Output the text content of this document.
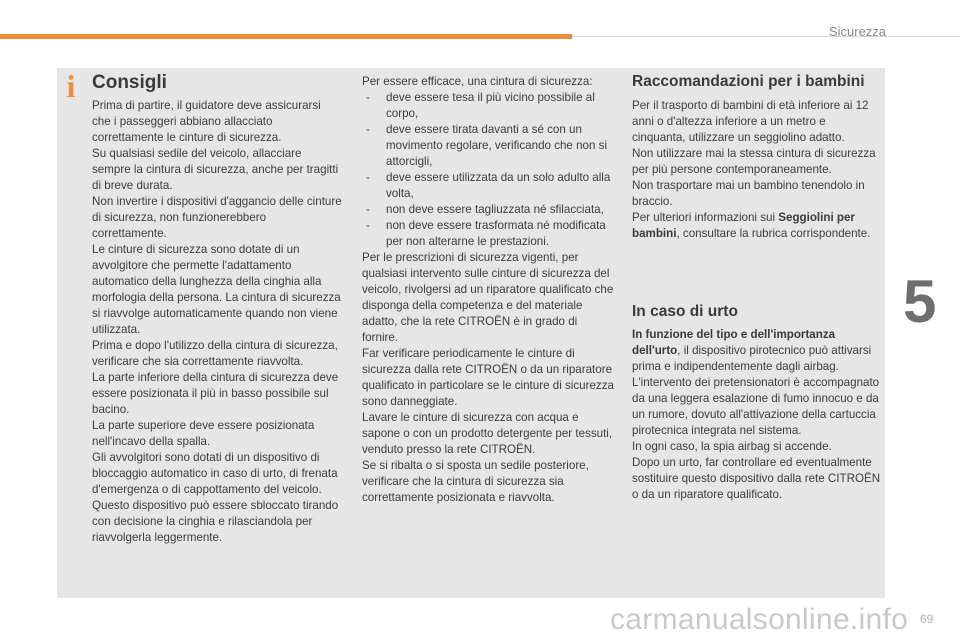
Sicurezza
i Consigli

Prima di partire, il guidatore deve assicurarsi che i passeggeri abbiano allacciato correttamente le cinture di sicurezza.

Su qualsiasi sedile del veicolo, allacciare sempre la cintura di sicurezza, anche per tragitti di breve durata.

Non invertire i dispositivi d'aggancio delle cinture di sicurezza, non funzionerebbero correttamente.

Le cinture di sicurezza sono dotate di un avvolgitore che permette l'adattamento automatico della lunghezza della cinghia alla morfologia della persona. La cintura di sicurezza si riavvolge automaticamente quando non viene utilizzata.

Prima e dopo l'utilizzo della cintura di sicurezza, verificare che sia correttamente riavvolta.

La parte inferiore della cintura di sicurezza deve essere posizionata il più in basso possibile sul bacino.

La parte superiore deve essere posizionata nell'incavo della spalla.

Gli avvolgitori sono dotati di un dispositivo di bloccaggio automatico in caso di urto, di frenata d'emergenza o di cappottamento del veicolo. Questo dispositivo può essere sbloccato tirando con decisione la cinghia e rilasciandola per riavvolgerla leggermente.

Per essere efficace, una cintura di sicurezza:

- deve essere tesa il più vicino possibile al corpo,
- deve essere tirata davanti a sé con un movimento regolare, verificando che non si attorcigli,
- deve essere utilizzata da un solo adulto alla volta,
- non deve essere tagliuzzata né sfilacciata,
- non deve essere trasformata né modificata per non alterarne le prestazioni.

Per le prescrizioni di sicurezza vigenti, per qualsiasi intervento sulle cinture di sicurezza del veicolo, rivolgersi ad un riparatore qualificato che disponga della competenza e del materiale adatto, che la rete CITROËN è in grado di fornire.

Far verificare periodicamente le cinture di sicurezza dalla rete CITROËN o da un riparatore qualificato in particolare se le cinture di sicurezza sono danneggiate.

Lavare le cinture di sicurezza con acqua e sapone o con un prodotto detergente per tessuti, venduto presso la rete CITROËN.

Se si ribalta o si sposta un sedile posteriore, verificare che la cintura di sicurezza sia correttamente posizionata e riavvolta.

Raccomandazioni per i bambini

Per il trasporto di bambini di età inferiore ai 12 anni o d'altezza inferiore a un metro e cinquanta, utilizzare un seggiolino adatto.

Non utilizzare mai la stessa cintura di sicurezza per più persone contemporaneamente.

Non trasportare mai un bambino tenendolo in braccio.

Per ulteriori informazioni sui Seggiolini per bambini, consultare la rubrica corrispondente.

In caso di urto

In funzione del tipo e dell'importanza dell'urto, il dispositivo pirotecnico può attivarsi prima e indipendentemente dagli airbag. L'intervento dei pretensionatori è accompagnato da una leggera esalazione di fumo innocuo e da un rumore, dovuto all'attivazione della cartuccia pirotecnica integrata nel sistema.

In ogni caso, la spia airbag si accende.

Dopo un urto, far controllare ed eventualmente sostituire questo dispositivo dalla rete CITROËN o da un riparatore qualificato.

5
carmanualsonline.info 69
